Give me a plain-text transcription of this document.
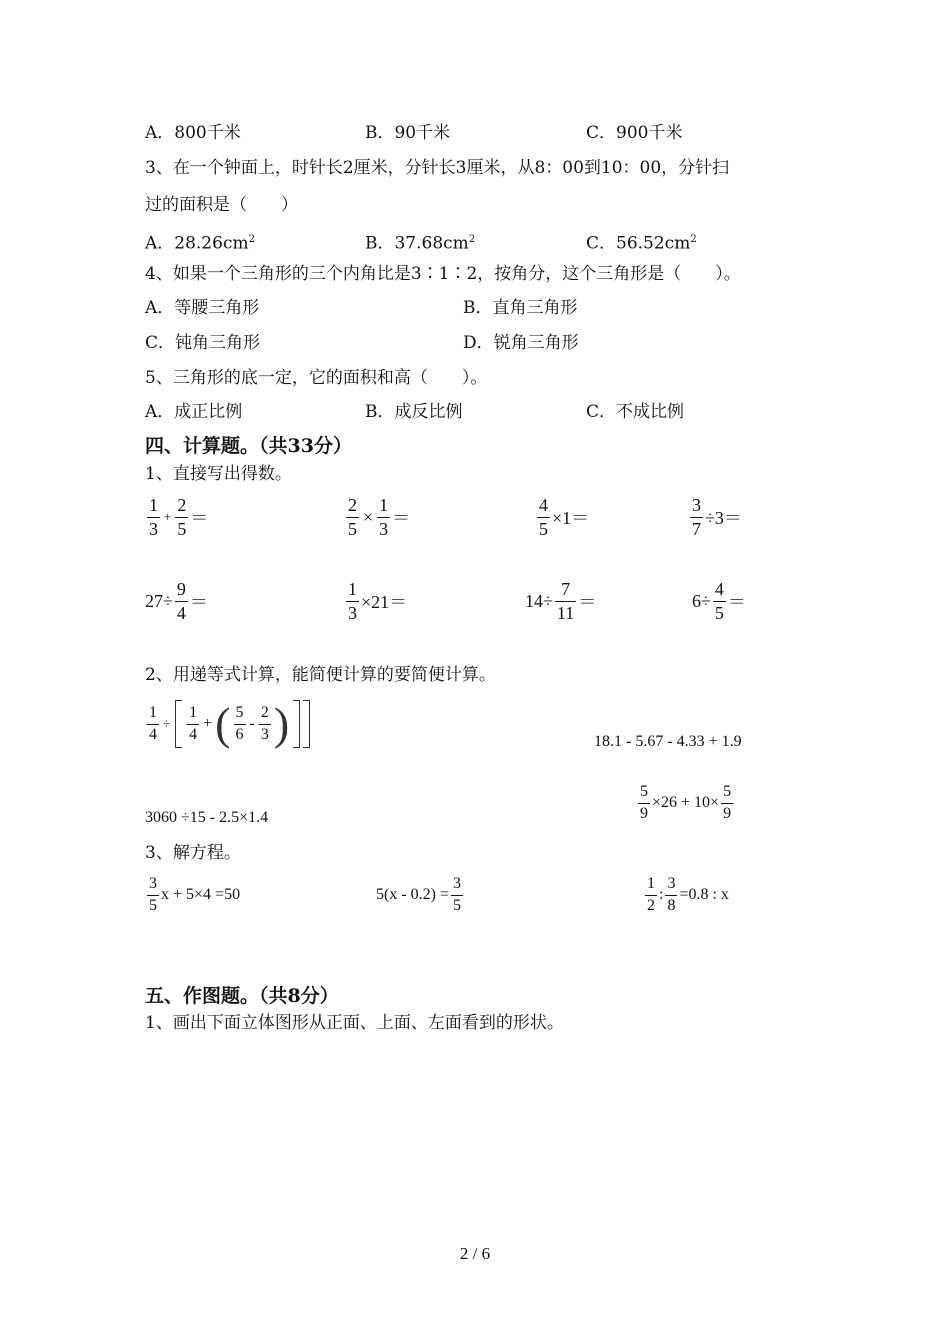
A．800千米	B．90千米	C．900千米
3、在一个钟面上，时针长2厘米，分针长3厘米，从8：00到10：00，分针扫
过的面积是（　　）
A．$28.26cm^2$	B．$37.68cm^2$	C．$56.52cm^2$
4、如果一个三角形的三个内角比是3∶1∶2，按角分，这个三角形是（　　）。
A．等腰三角形	B．直角三角形
C．钝角三角形	D．锐角三角形
5、三角形的底一定，它的面积和高（　　）。
A．成正比例	B．成反比例	C．不成比例
四、计算题。（共33分）
1、直接写出得数。
$\frac{1}{3} + \frac{2}{5}$ ＝	$\frac{2}{5} \times \frac{1}{3}$ ＝	$\frac{4}{5} \times 1=$	$\frac{3}{7} \div 3=$
$27\div \frac{9}{4}$ ＝	$\frac{1}{3} \times 21=$	$14\div \frac{7}{11}$ ＝	$6\div \frac{4}{5}$ ＝
2、用递等式计算，能简便计算的要简便计算。
$\frac{1}{4} \div \frac{1}{4}$ + ( $\frac{5}{6} - \frac{2}{3}$ )	18.1 - 5.67 - 4.33 + 1.9
$\frac{5}{9} \times 26 + 10\times \frac{5}{9}$
3060 ÷15 - 2.5×1.4
3、解方程。
$\frac{3}{5}$ x + 5×4 =50	$5(x - 0.2) = \frac{3}{5}$	$\frac{1}{2}$ : $\frac{3}{8} =0.8$ : x
五、作图题。（共8分）
1、画出下面立体图形从正面、上面、左面看到的形状。
2 / 6
